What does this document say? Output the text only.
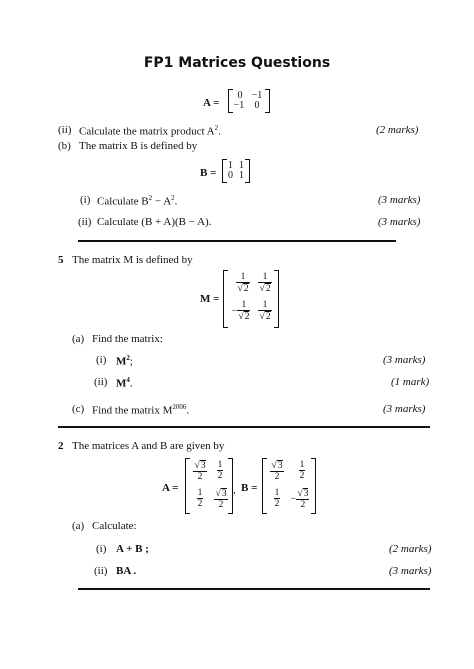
FP1 Matrices Questions
A =
0 −1
−1	0
(ii) Calculate the matrix product $A^2$.	(2 marks)
(b) The matrix B is defined by
B =
1 1
0 1
(i) Calculate $B^2 - A^2$.	(3 marks)
(ii) Calculate (B + A)(B − A).	(3 marks)
5 The matrix M is defined by
M =
$\frac{1}{√2} \frac{1}{√2}$
− $\frac{1}{√2} \frac{1}{√2}$
(a) Find the matrix:
(i) $M^2$;	(3 marks)
(ii) $M^4$.	(1 mark)
(c) Find the matrix $M^{2006}$.	(3 marks)
2 The matrices A and B are given by
A =
$\frac{√3}{2} \frac{1}{2}$
$\frac{1}{2} \frac{√3}{2}$ , B =
$\frac{√3}{2} \frac{1}{2}$
$\frac{1}{2}$	− $\frac{√3}{2}$
(a) Calculate:
(i) A + B ;	(2 marks)
(ii) BA .	(3 marks)
